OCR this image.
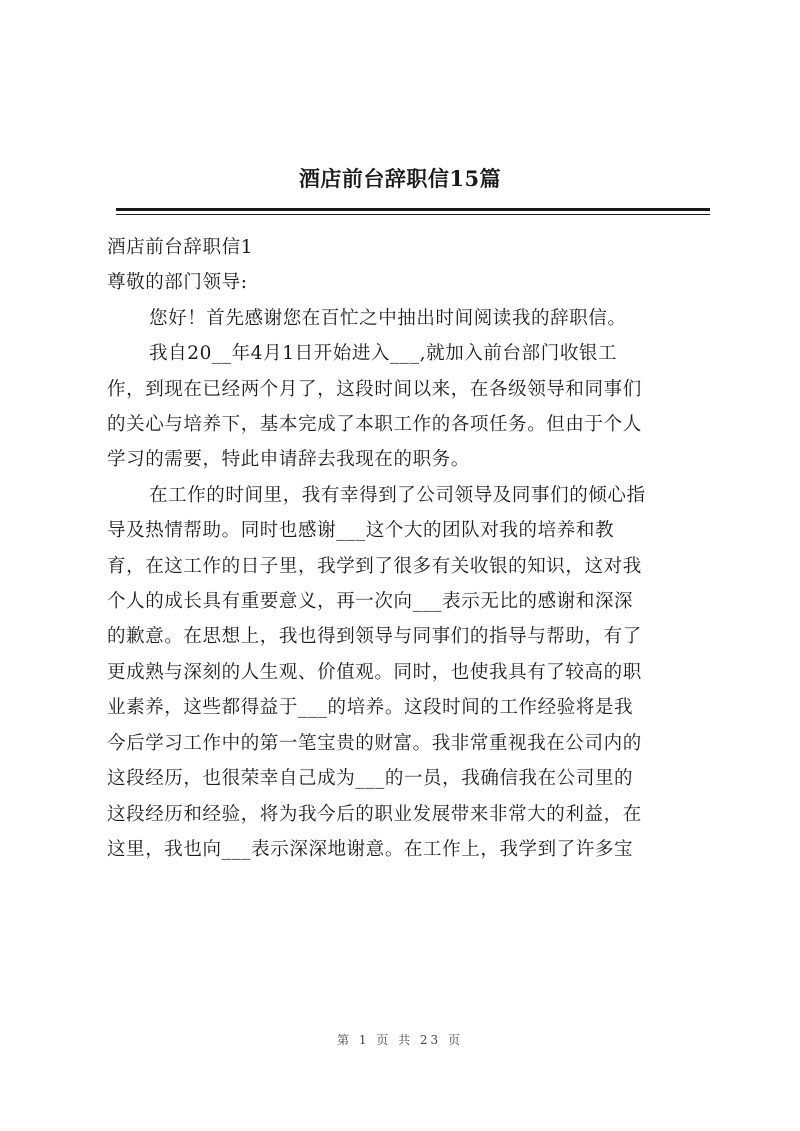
酒店前台辞职信15篇

酒店前台辞职信1

尊敬的部门领导:

您好！首先感谢您在百忙之中抽出时间阅读我的辞职信。

我自20__年4月1日开始进入___,就加入前台部门收银工
作，到现在已经两个月了，这段时间以来，在各级领导和同事们
的关心与培养下，基本完成了本职工作的各项任务。但由于个人
学习的需要，特此申请辞去我现在的职务。

在工作的时间里，我有幸得到了公司领导及同事们的倾心指
导及热情帮助。同时也感谢___这个大的团队对我的培养和教
育，在这工作的日子里，我学到了很多有关收银的知识，这对我
个人的成长具有重要意义，再一次向___表示无比的感谢和深深
的歉意。在思想上，我也得到领导与同事们的指导与帮助，有了
更成熟与深刻的人生观、价值观。同时，也使我具有了较高的职
业素养，这些都得益于___的培养。这段时间的工作经验将是我
今后学习工作中的第一笔宝贵的财富。我非常重视我在公司内的
这段经历，也很荣幸自己成为___的一员，我确信我在公司里的
这段经历和经验，将为我今后的职业发展带来非常大的利益，在
这里，我也向___表示深深地谢意。在工作上，我学到了许多宝

第 1 页 共 23 页
